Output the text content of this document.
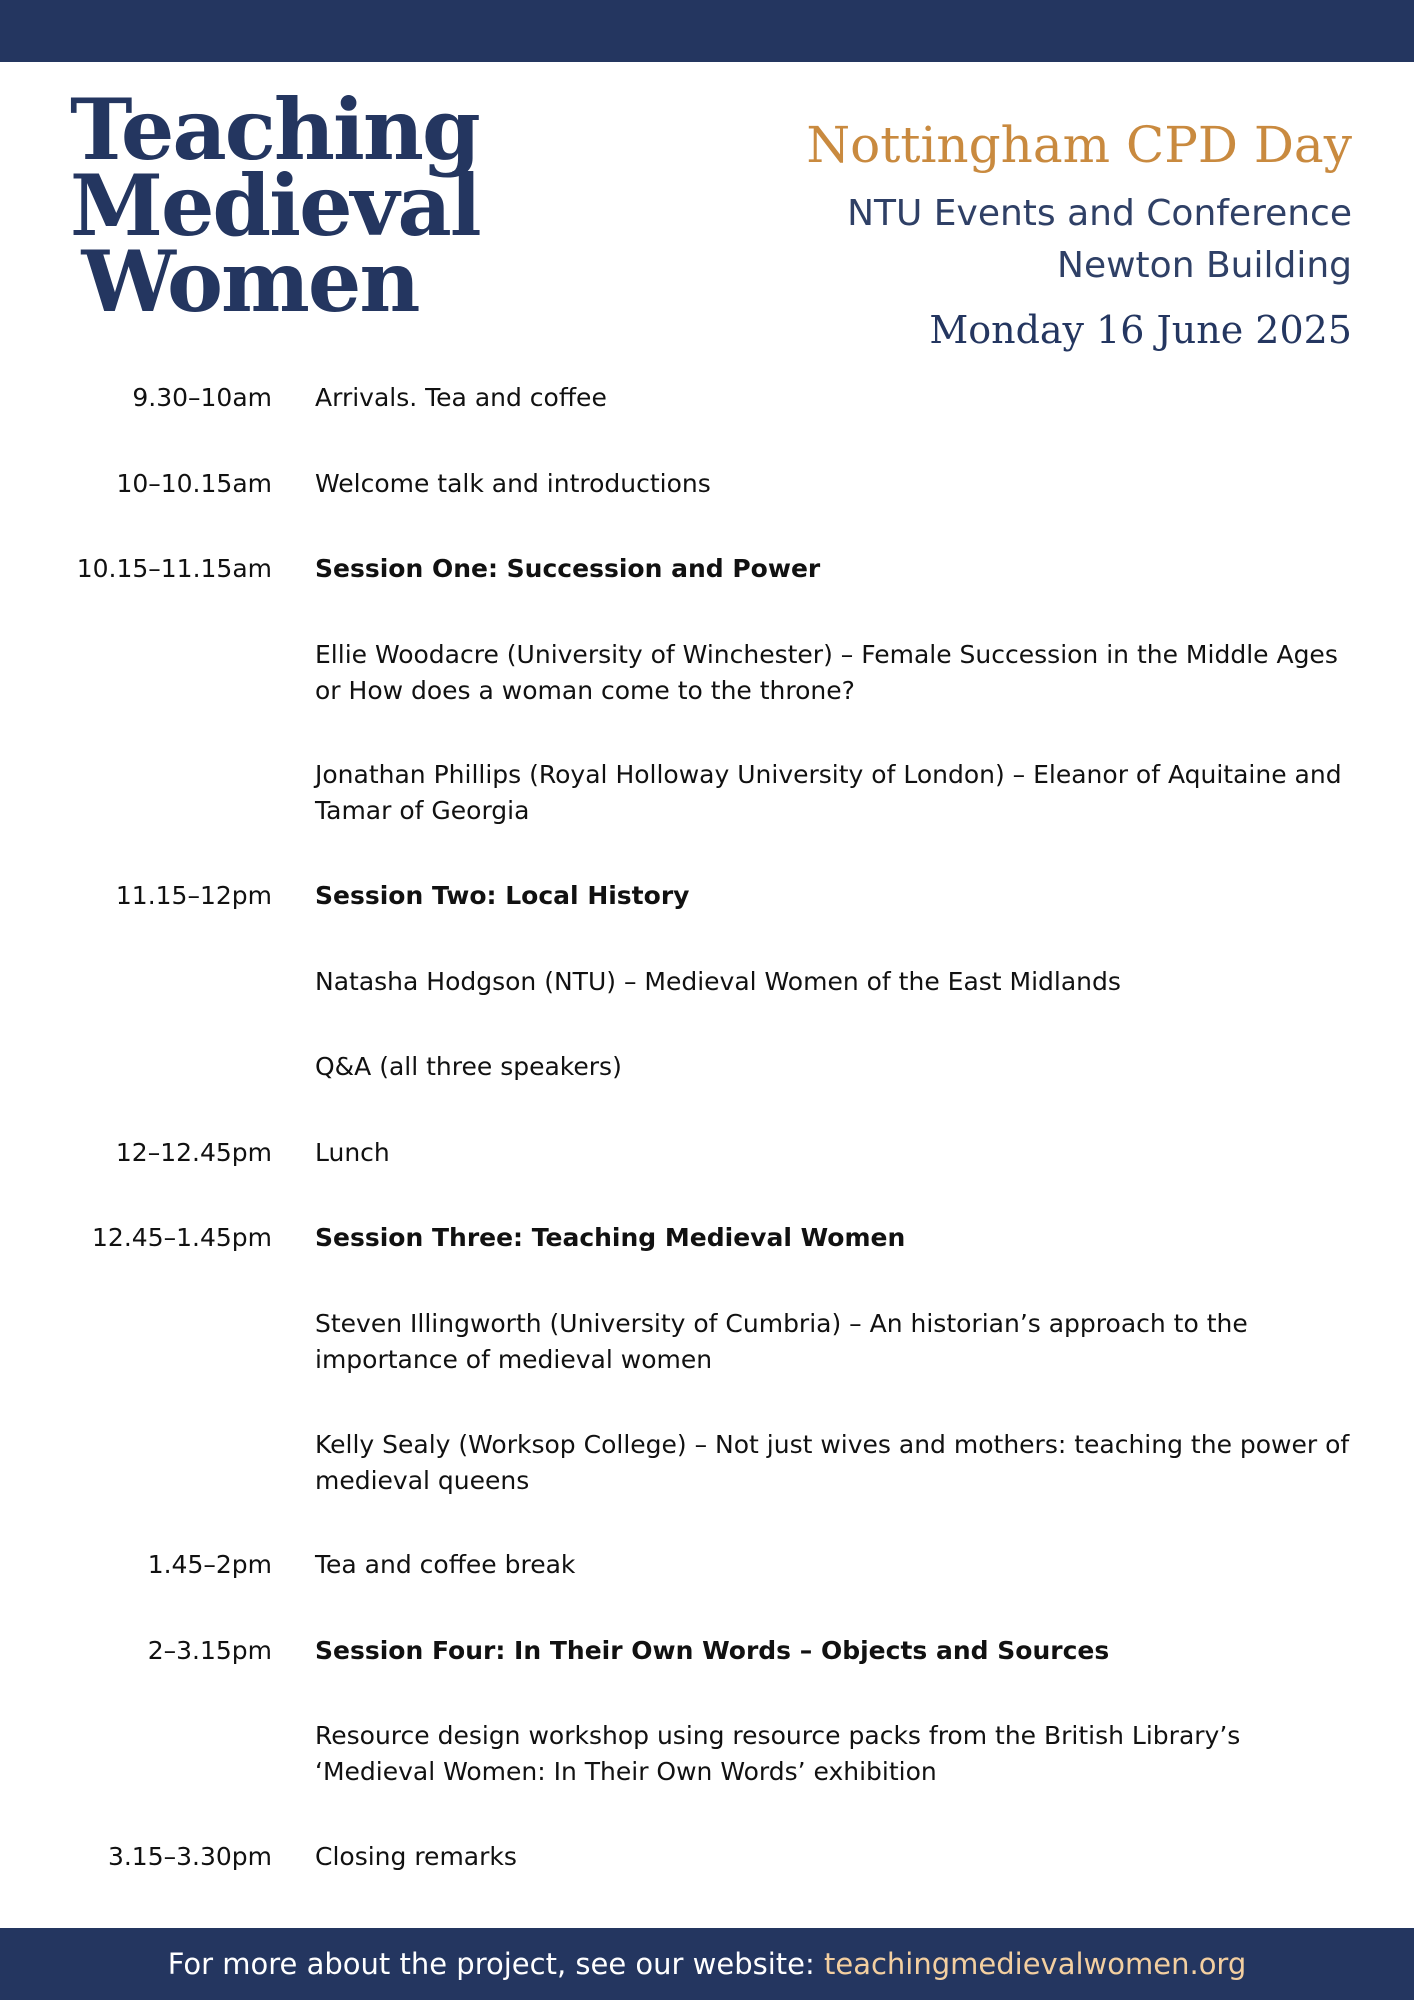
Teaching
Medieval
Women
Nottingham CPD Day
NTU Events and Conference
Newton Building
Monday 16 June 2025
9.30–10am Arrivals. Tea and coffee
10–10.15am Welcome talk and introductions
10.15–11.15am Session One: Succession and Power
Ellie Woodacre (University of Winchester) – Female Succession in the Middle Ages or How does a woman come to the throne?
Jonathan Phillips (Royal Holloway University of London) – Eleanor of Aquitaine and Tamar of Georgia
11.15–12pm Session Two: Local History
Natasha Hodgson (NTU) – Medieval Women of the East Midlands
Q&A (all three speakers)
12–12.45pm Lunch
12.45–1.45pm Session Three: Teaching Medieval Women
Steven Illingworth (University of Cumbria) – An historian’s approach to the importance of medieval women
Kelly Sealy (Worksop College) – Not just wives and mothers: teaching the power of medieval queens
1.45–2pm Tea and coffee break
2–3.15pm Session Four: In Their Own Words – Objects and Sources
Resource design workshop using resource packs from the British Library’s ‘Medieval Women: In Their Own Words’ exhibition
3.15–3.30pm Closing remarks
For more about the project, see our website: teachingmedievalwomen.org
